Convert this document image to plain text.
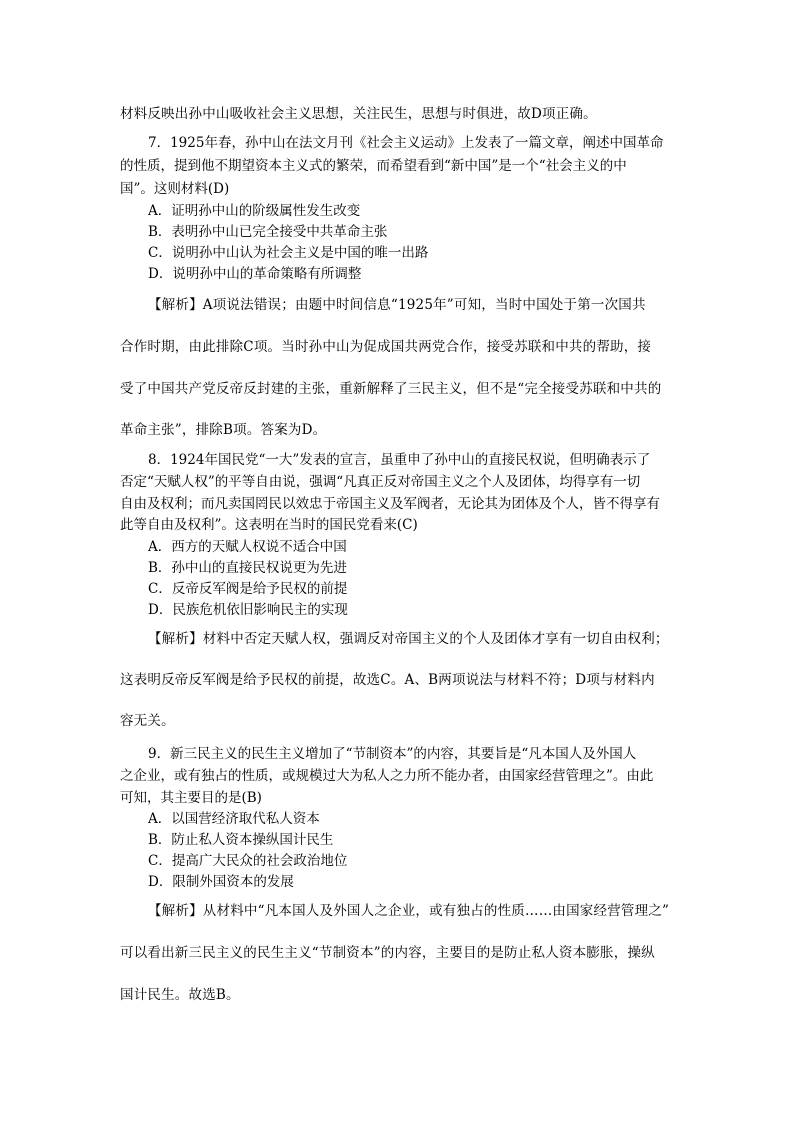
材料反映出孙中山吸收社会主义思想，关注民生，思想与时俱进，故D项正确。
7．1925年春，孙中山在法文月刊《社会主义运动》上发表了一篇文章，阐述中国革命
的性质，提到他不期望资本主义式的繁荣，而希望看到“新中国”是一个“社会主义的中
国”。这则材料(D)
A．证明孙中山的阶级属性发生改变
B．表明孙中山已完全接受中共革命主张
C．说明孙中山认为社会主义是中国的唯一出路
D．说明孙中山的革命策略有所调整
【解析】A项说法错误；由题中时间信息“1925年”可知，当时中国处于第一次国共
合作时期，由此排除C项。当时孙中山为促成国共两党合作，接受苏联和中共的帮助，接
受了中国共产党反帝反封建的主张，重新解释了三民主义，但不是“完全接受苏联和中共的
革命主张”，排除B项。答案为D。
8．1924年国民党“一大”发表的宣言，虽重申了孙中山的直接民权说，但明确表示了
否定“天赋人权”的平等自由说，强调“凡真正反对帝国主义之个人及团体，均得享有一切
自由及权利；而凡卖国罔民以效忠于帝国主义及军阀者，无论其为团体及个人，皆不得享有
此等自由及权利”。这表明在当时的国民党看来(C)
A．西方的天赋人权说不适合中国
B．孙中山的直接民权说更为先进
C．反帝反军阀是给予民权的前提
D．民族危机依旧影响民主的实现
【解析】材料中否定天赋人权，强调反对帝国主义的个人及团体才享有一切自由权利；
这表明反帝反军阀是给予民权的前提，故选C。A、B两项说法与材料不符；D项与材料内
容无关。
9．新三民主义的民生主义增加了“节制资本”的内容，其要旨是“凡本国人及外国人
之企业，或有独占的性质，或规模过大为私人之力所不能办者，由国家经营管理之”。由此
可知，其主要目的是(B)
A．以国营经济取代私人资本
B．防止私人资本操纵国计民生
C．提高广大民众的社会政治地位
D．限制外国资本的发展
【解析】从材料中“凡本国人及外国人之企业，或有独占的性质……由国家经营管理之”
可以看出新三民主义的民生主义“节制资本”的内容，主要目的是防止私人资本膨胀，操纵
国计民生。故选B。
